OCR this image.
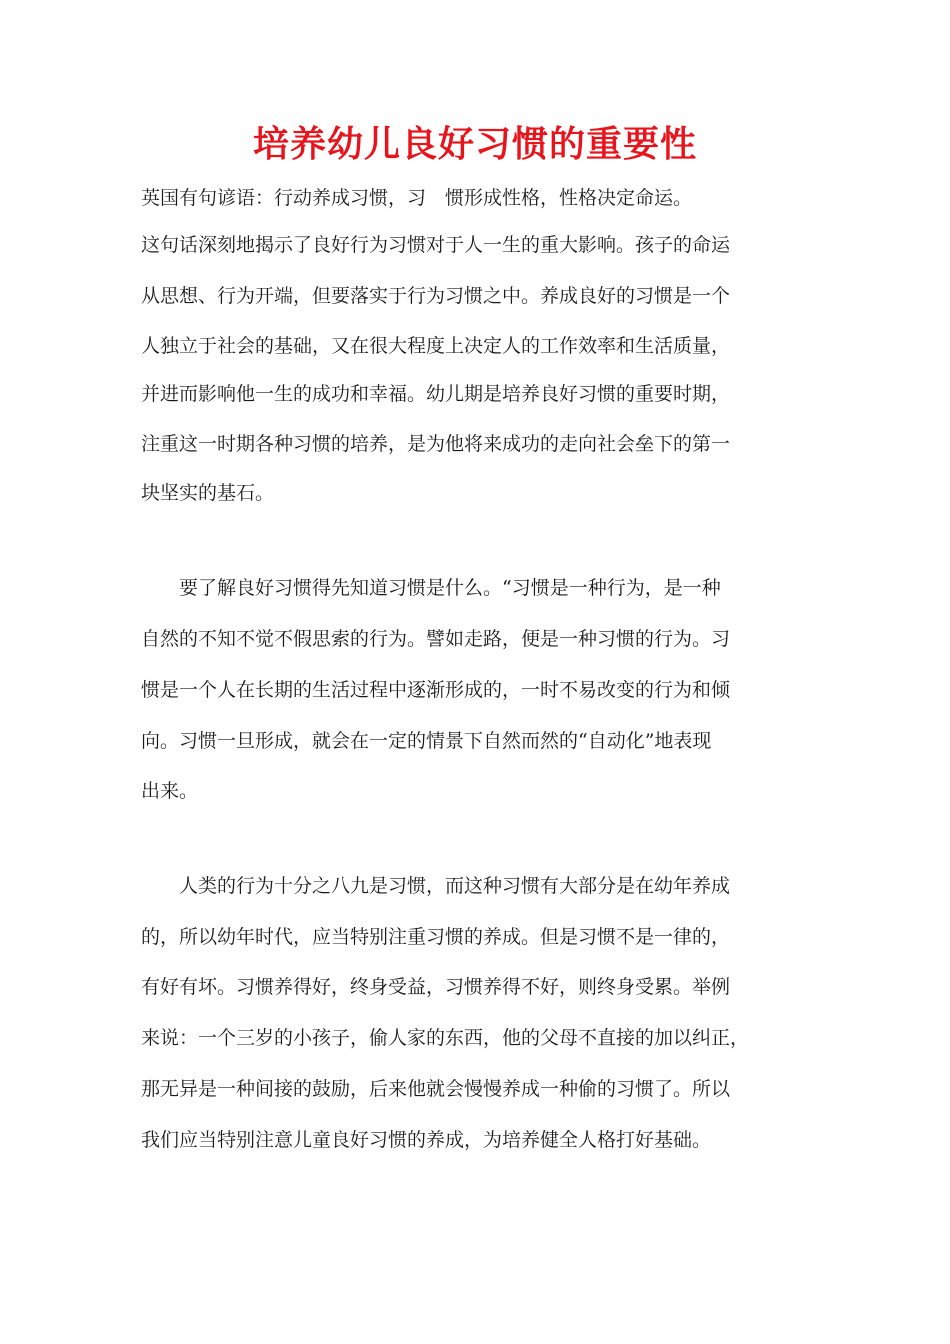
培养幼儿良好习惯的重要性

英国有句谚语：行动养成习惯，习　惯形成性格，性格决定命运。

这句话深刻地揭示了良好行为习惯对于人一生的重大影响。孩子的命运

从思想、行为开端，但要落实于行为习惯之中。养成良好的习惯是一个

人独立于社会的基础，又在很大程度上决定人的工作效率和生活质量，

并进而影响他一生的成功和幸福。幼儿期是培养良好习惯的重要时期，

注重这一时期各种习惯的培养，是为他将来成功的走向社会垒下的第一

块坚实的基石。

　　要了解良好习惯得先知道习惯是什么。“习惯是一种行为，是一种

自然的不知不觉不假思索的行为。譬如走路，便是一种习惯的行为。习

惯是一个人在长期的生活过程中逐渐形成的，一时不易改变的行为和倾

向。习惯一旦形成，就会在一定的情景下自然而然的“自动化”地表现

出来。

　　人类的行为十分之八九是习惯，而这种习惯有大部分是在幼年养成

的，所以幼年时代，应当特别注重习惯的养成。但是习惯不是一律的，

有好有坏。习惯养得好，终身受益，习惯养得不好，则终身受累。举例

来说：一个三岁的小孩子，偷人家的东西，他的父母不直接的加以纠正，

那无异是一种间接的鼓励，后来他就会慢慢养成一种偷的习惯了。所以

我们应当特别注意儿童良好习惯的养成，为培养健全人格打好基础。
